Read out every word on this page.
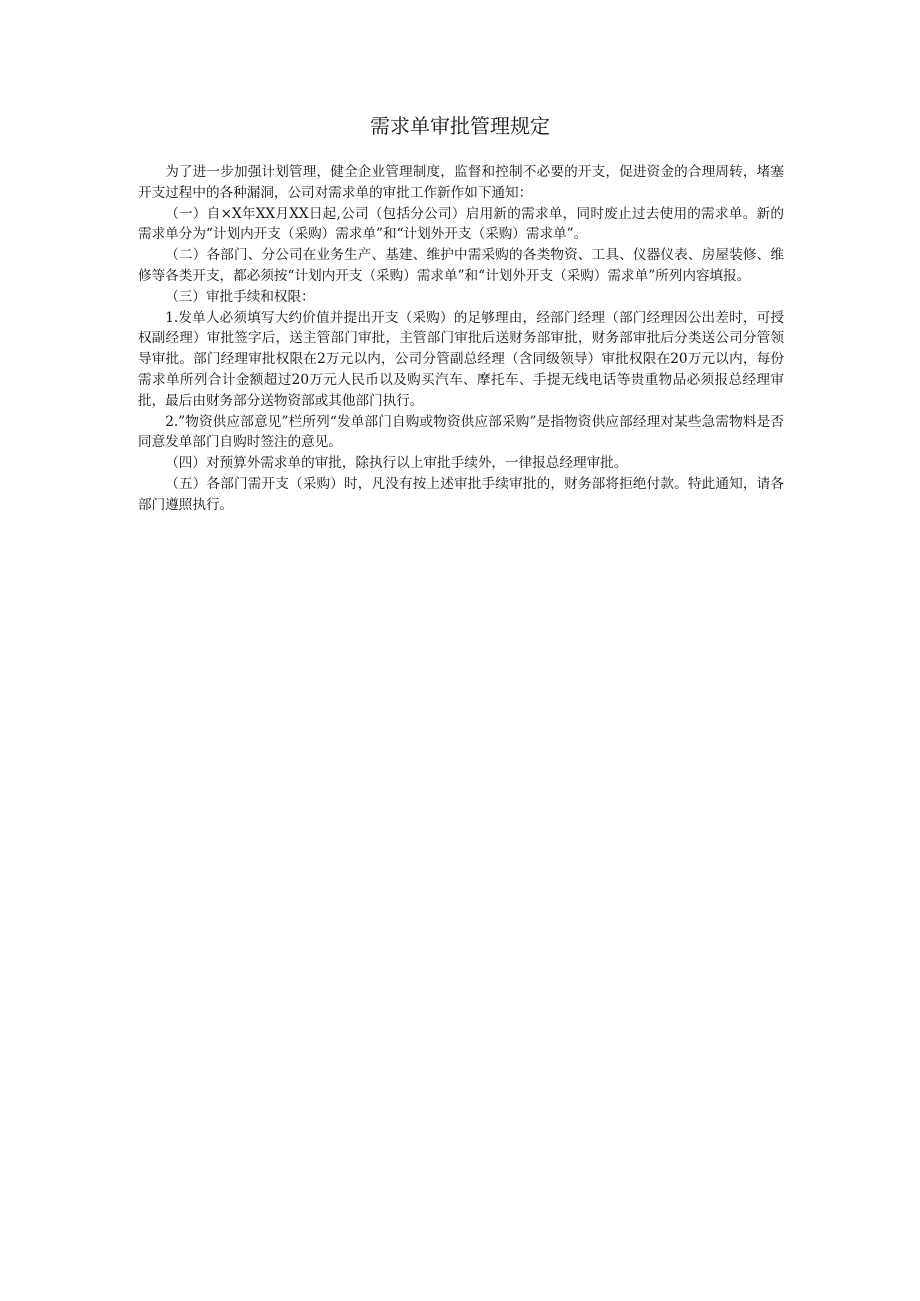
需求单审批管理规定

为了进一步加强计划管理，健全企业管理制度，监督和控制不必要的开支，促进资金的合理周转，堵塞开支过程中的各种漏洞，公司对需求单的审批工作新作如下通知：

（一）自×X年XX月XX日起,公司（包括分公司）启用新的需求单，同时废止过去使用的需求单。新的需求单分为“计划内开支（采购）需求单”和“计划外开支（采购）需求单”。

（二）各部门、分公司在业务生产、基建、维护中需采购的各类物资、工具、仪器仪表、房屋装修、维修等各类开支，都必须按“计划内开支（采购）需求单”和“计划外开支（采购）需求单”所列内容填报。

（三）审批手续和权限：

1.发单人必须填写大约价值并提出开支（采购）的足够理由，经部门经理（部门经理因公出差时，可授权副经理）审批签字后，送主管部门审批，主管部门审批后送财务部审批，财务部审批后分类送公司分管领导审批。部门经理审批权限在2万元以内，公司分管副总经理（含同级领导）审批权限在20万元以内，每份需求单所列合计金额超过20万元人民币以及购买汽车、摩托车、手提无线电话等贵重物品必须报总经理审批，最后由财务部分送物资部或其他部门执行。

2.”物资供应部意见”栏所列“发单部门自购或物资供应部采购”是指物资供应部经理对某些急需物料是否同意发单部门自购时签注的意见。

（四）对预算外需求单的审批，除执行以上审批手续外，一律报总经理审批。

（五）各部门需开支（采购）时，凡没有按上述审批手续审批的，财务部将拒绝付款。特此通知，请各部门遵照执行。
